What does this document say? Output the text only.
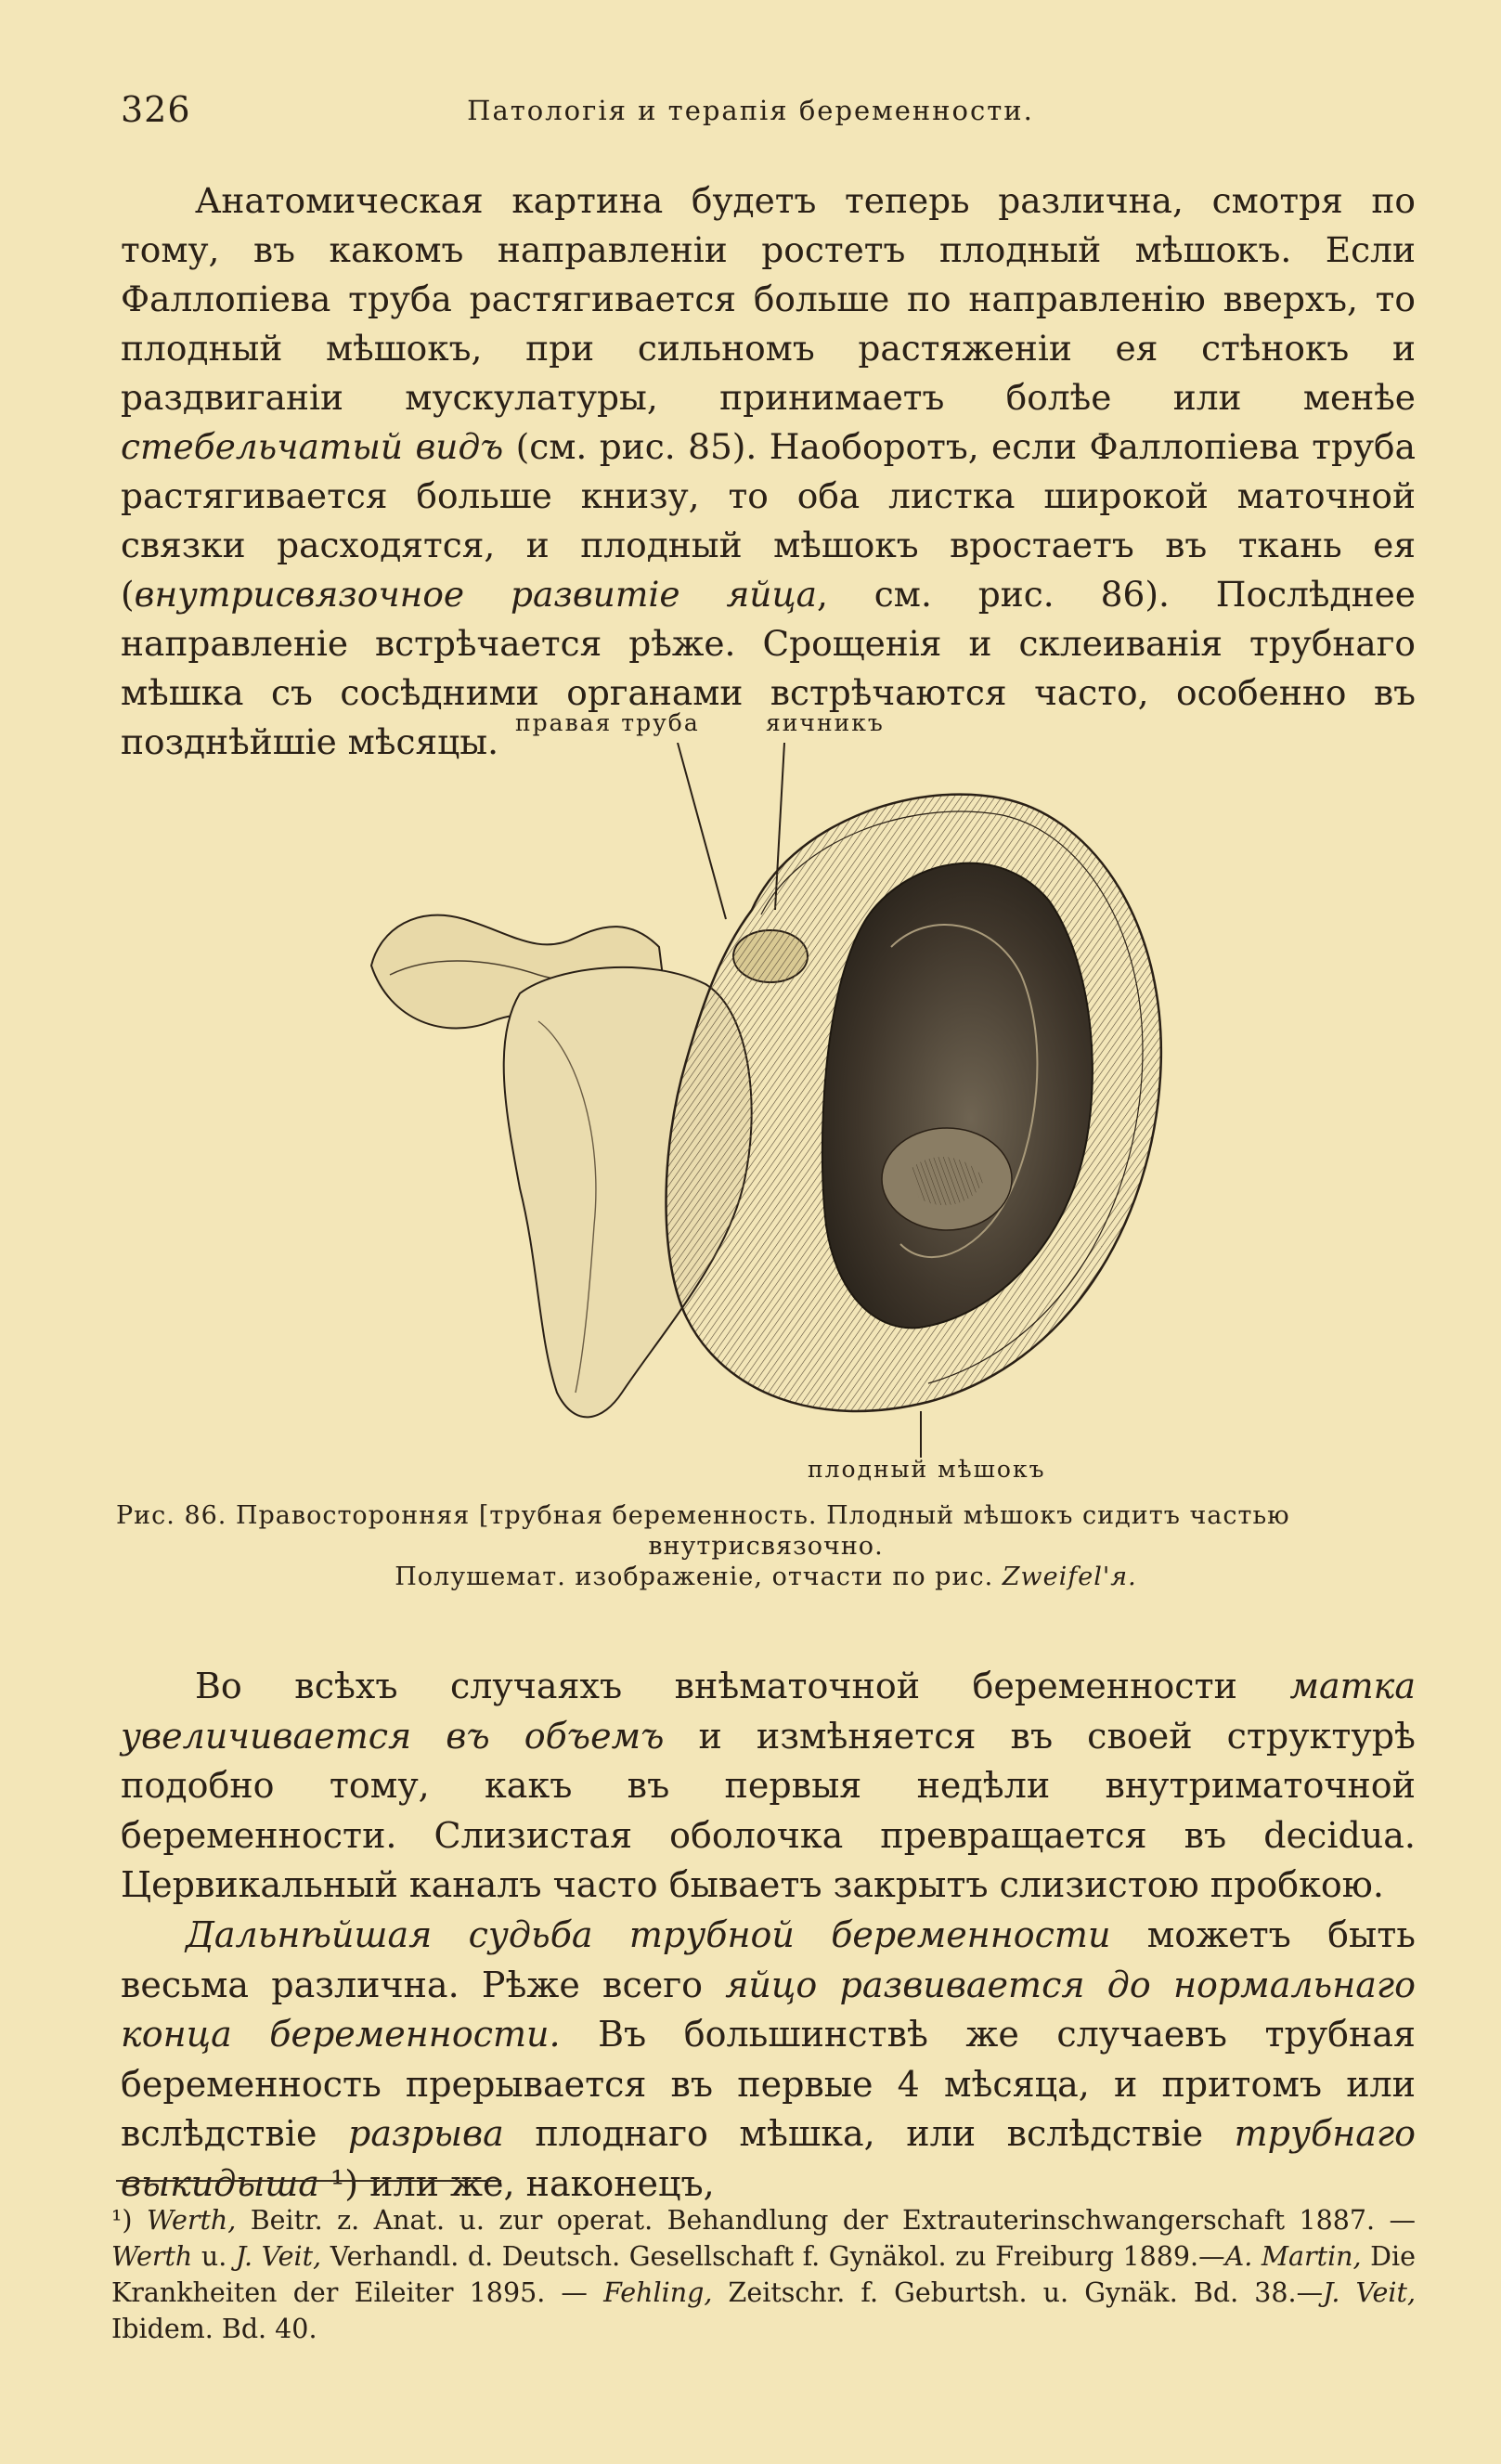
326	Патологія и терапія беременности.

Анатомическая картина будетъ теперь различна, смотря по тому, въ какомъ направленіи ростетъ плодный мѣшокъ. Если Фаллопіева труба растягивается больше по направленію вверхъ, то плодный мѣшокъ, при сильномъ растяженіи ея стѣнокъ и раздвиганіи мускулатуры, принимаетъ болѣе или менѣе стебельчатый видъ (см. рис. 85). Наоборотъ, если Фаллопіева труба растягивается больше книзу, то оба листка широкой маточной связки расходятся, и плодный мѣшокъ вростаетъ въ ткань ея (внутрисвязочное развитіе яйца, см. рис. 86). Послѣднее направленіе встрѣчается рѣже. Срощенія и склеиванія трубнаго мѣшка съ сосѣдними органами встрѣчаются часто, особенно въ позднѣйшіе мѣсяцы. правая труба	яичникъ
плодный мѣшокъ
Рис. 86. Правосторонняя [трубная беременность. Плодный мѣшокъ сидитъ частью
внутрисвязочно.
Полушемат. изображеніе, отчасти по рис. Zweifel'я.

Во всѣхъ случаяхъ внѣматочной беременности матка увеличивается въ объемъ и измѣняется въ своей структурѣ подобно тому, какъ въ первыя недѣли внутриматочной беременности. Слизистая оболочка превращается въ decidua. Цервикальный каналъ часто бываетъ закрытъ слизистою пробкою.

Дальнѣйшая судьба трубной беременности можетъ быть весьма различна. Рѣже всего яйцо развивается до нормальнаго конца беременности. Въ большинствѣ же случаевъ трубная беременность прерывается въ первые 4 мѣсяца, и притомъ или вслѣдствіе разрыва плоднаго мѣшка, или вслѣдствіе трубнаго выкидыша ¹) или же, наконецъ,

¹) Werth, Beitr. z. Anat. u. zur operat. Behandlung der Extrauterinschwangerschaft 1887. — Werth u. J. Veit, Verhandl. d. Deutsch. Gesellschaft f. Gynäkol. zu Freiburg 1889.—A. Martin, Die Krankheiten der Eileiter 1895. — Fehling, Zeitschr. f. Geburtsh. u. Gynäk. Bd. 38.—J. Veit, Ibidem. Bd. 40.
